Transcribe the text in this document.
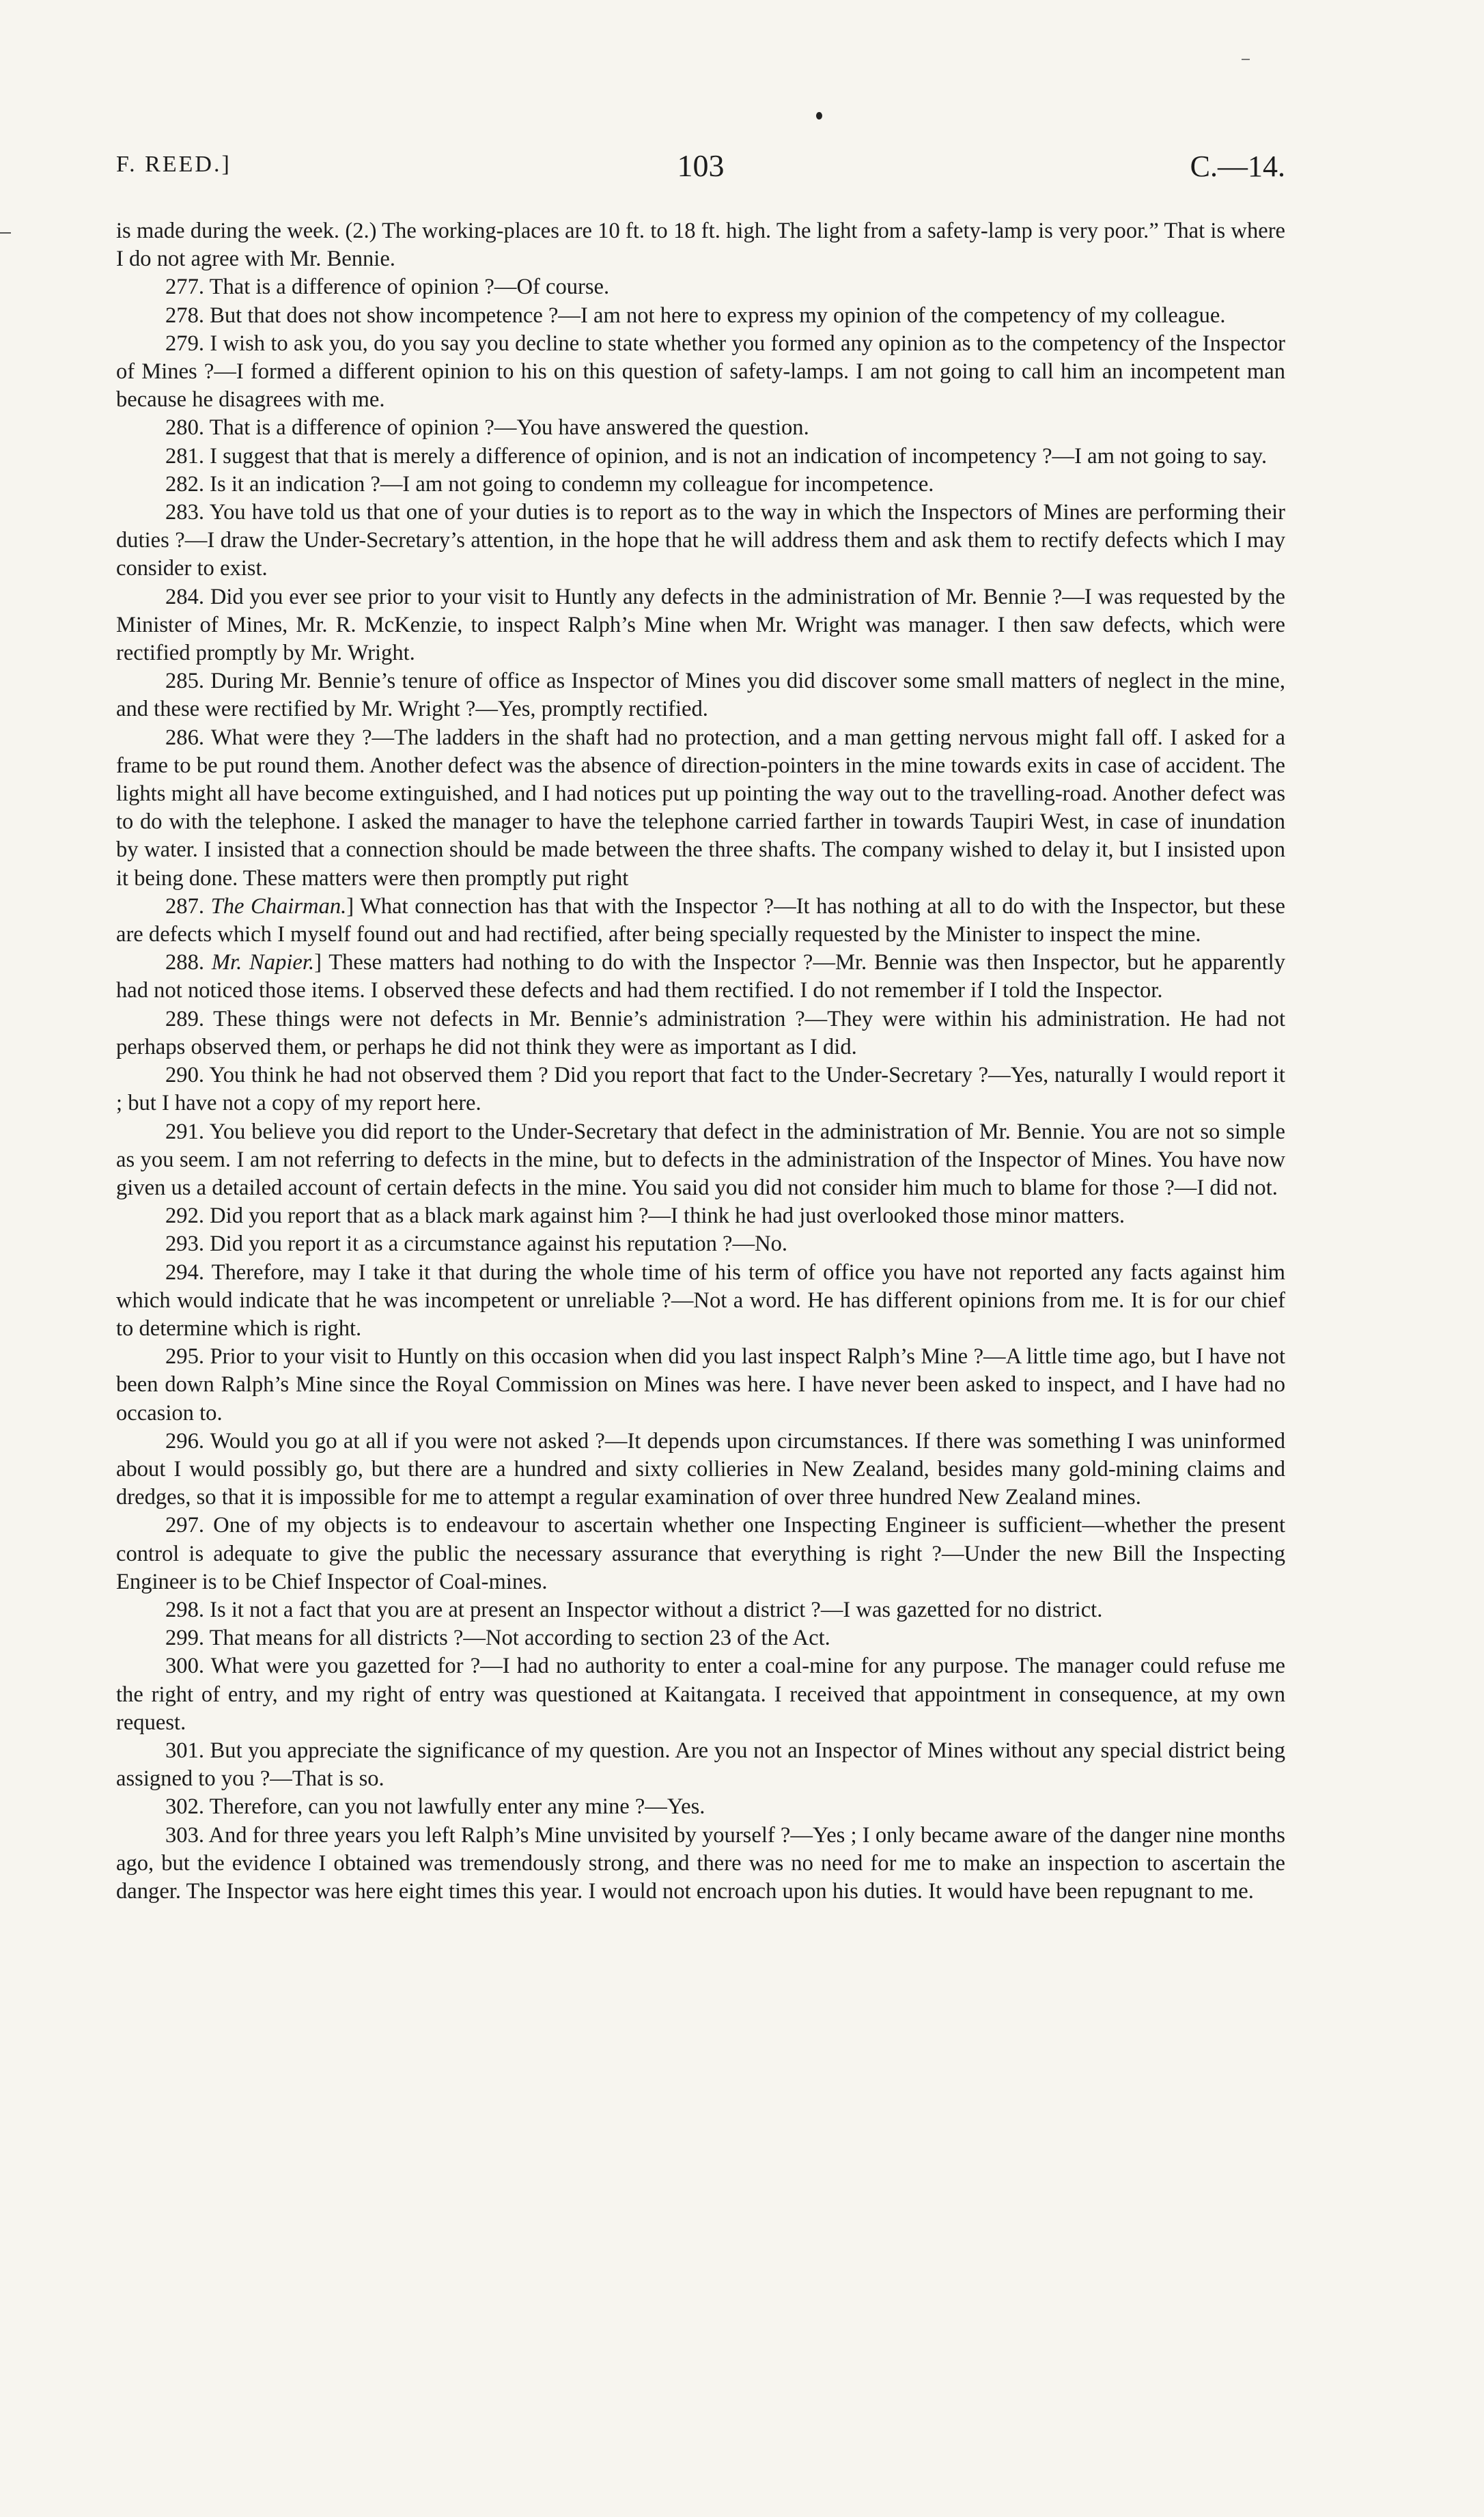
F. REED.]	103	C.—14.

is made during the week. (2.) The working-places are 10 ft. to 18 ft. high. The light from a safety-lamp is very poor.” That is where I do not agree with Mr. Bennie.

277. That is a difference of opinion ?—Of course.

278. But that does not show incompetence ?—I am not here to express my opinion of the competency of my colleague.

279. I wish to ask you, do you say you decline to state whether you formed any opinion as to the competency of the Inspector of Mines ?—I formed a different opinion to his on this question of safety-lamps. I am not going to call him an incompetent man because he disagrees with me.

280. That is a difference of opinion ?—You have answered the question.

281. I suggest that that is merely a difference of opinion, and is not an indication of incompetency ?—I am not going to say.

282. Is it an indication ?—I am not going to condemn my colleague for incompetence.

283. You have told us that one of your duties is to report as to the way in which the Inspectors of Mines are performing their duties ?—I draw the Under-Secretary’s attention, in the hope that he will address them and ask them to rectify defects which I may consider to exist.

284. Did you ever see prior to your visit to Huntly any defects in the administration of Mr. Bennie ?—I was requested by the Minister of Mines, Mr. R. McKenzie, to inspect Ralph’s Mine when Mr. Wright was manager. I then saw defects, which were rectified promptly by Mr. Wright.

285. During Mr. Bennie’s tenure of office as Inspector of Mines you did discover some small matters of neglect in the mine, and these were rectified by Mr. Wright ?—Yes, promptly rectified.

286. What were they ?—The ladders in the shaft had no protection, and a man getting nervous might fall off. I asked for a frame to be put round them. Another defect was the absence of direction-pointers in the mine towards exits in case of accident. The lights might all have become extinguished, and I had notices put up pointing the way out to the travelling-road. Another defect was to do with the telephone. I asked the manager to have the telephone carried farther in towards Taupiri West, in case of inundation by water. I insisted that a connection should be made between the three shafts. The company wished to delay it, but I insisted upon it being done. These matters were then promptly put right

287. The Chairman.] What connection has that with the Inspector ?—It has nothing at all to do with the Inspector, but these are defects which I myself found out and had rectified, after being specially requested by the Minister to inspect the mine.

288. Mr. Napier.] These matters had nothing to do with the Inspector ?—Mr. Bennie was then Inspector, but he apparently had not noticed those items. I observed these defects and had them rectified. I do not remember if I told the Inspector.

289. These things were not defects in Mr. Bennie’s administration ?—They were within his administration. He had not perhaps observed them, or perhaps he did not think they were as important as I did.

290. You think he had not observed them ? Did you report that fact to the Under-Secretary ?—Yes, naturally I would report it ; but I have not a copy of my report here.

291. You believe you did report to the Under-Secretary that defect in the administration of Mr. Bennie. You are not so simple as you seem. I am not referring to defects in the mine, but to defects in the administration of the Inspector of Mines. You have now given us a detailed account of certain defects in the mine. You said you did not consider him much to blame for those ?—I did not.

292. Did you report that as a black mark against him ?—I think he had just overlooked those minor matters.

293. Did you report it as a circumstance against his reputation ?—No.

294. Therefore, may I take it that during the whole time of his term of office you have not reported any facts against him which would indicate that he was incompetent or unreliable ?—Not a word. He has different opinions from me. It is for our chief to determine which is right.

295. Prior to your visit to Huntly on this occasion when did you last inspect Ralph’s Mine ?—A little time ago, but I have not been down Ralph’s Mine since the Royal Commission on Mines was here. I have never been asked to inspect, and I have had no occasion to.

296. Would you go at all if you were not asked ?—It depends upon circumstances. If there was something I was uninformed about I would possibly go, but there are a hundred and sixty collieries in New Zealand, besides many gold-mining claims and dredges, so that it is impossible for me to attempt a regular examination of over three hundred New Zealand mines.

297. One of my objects is to endeavour to ascertain whether one Inspecting Engineer is sufficient—whether the present control is adequate to give the public the necessary assurance that everything is right ?—Under the new Bill the Inspecting Engineer is to be Chief Inspector of Coal-mines.

298. Is it not a fact that you are at present an Inspector without a district ?—I was gazetted for no district.

299. That means for all districts ?—Not according to section 23 of the Act.

300. What were you gazetted for ?—I had no authority to enter a coal-mine for any purpose. The manager could refuse me the right of entry, and my right of entry was questioned at Kaitangata. I received that appointment in consequence, at my own request.

301. But you appreciate the significance of my question. Are you not an Inspector of Mines without any special district being assigned to you ?—That is so.

302. Therefore, can you not lawfully enter any mine ?—Yes.

303. And for three years you left Ralph’s Mine unvisited by yourself ?—Yes ; I only became aware of the danger nine months ago, but the evidence I obtained was tremendously strong, and there was no need for me to make an inspection to ascertain the danger. The Inspector was here eight times this year. I would not encroach upon his duties. It would have been repugnant to me.
